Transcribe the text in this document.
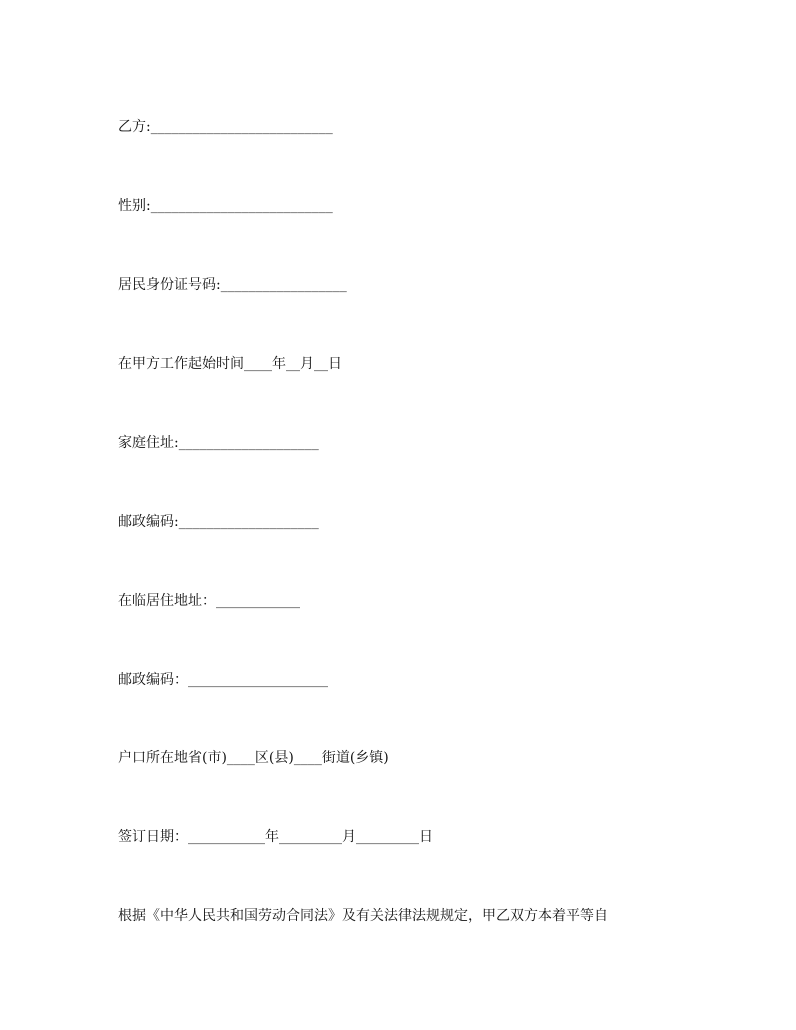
乙方:__________________________
性别:__________________________
居民身份证号码:__________________
在甲方工作起始时间____年__月__日
家庭住址:____________________
邮政编码:____________________
在临居住地址：____________
邮政编码：____________________
户口所在地省(市)____区(县)____街道(乡镇)
签订日期：___________年_________月_________日
根据《中华人民共和国劳动合同法》及有关法律法规规定，甲乙双方本着平等自
